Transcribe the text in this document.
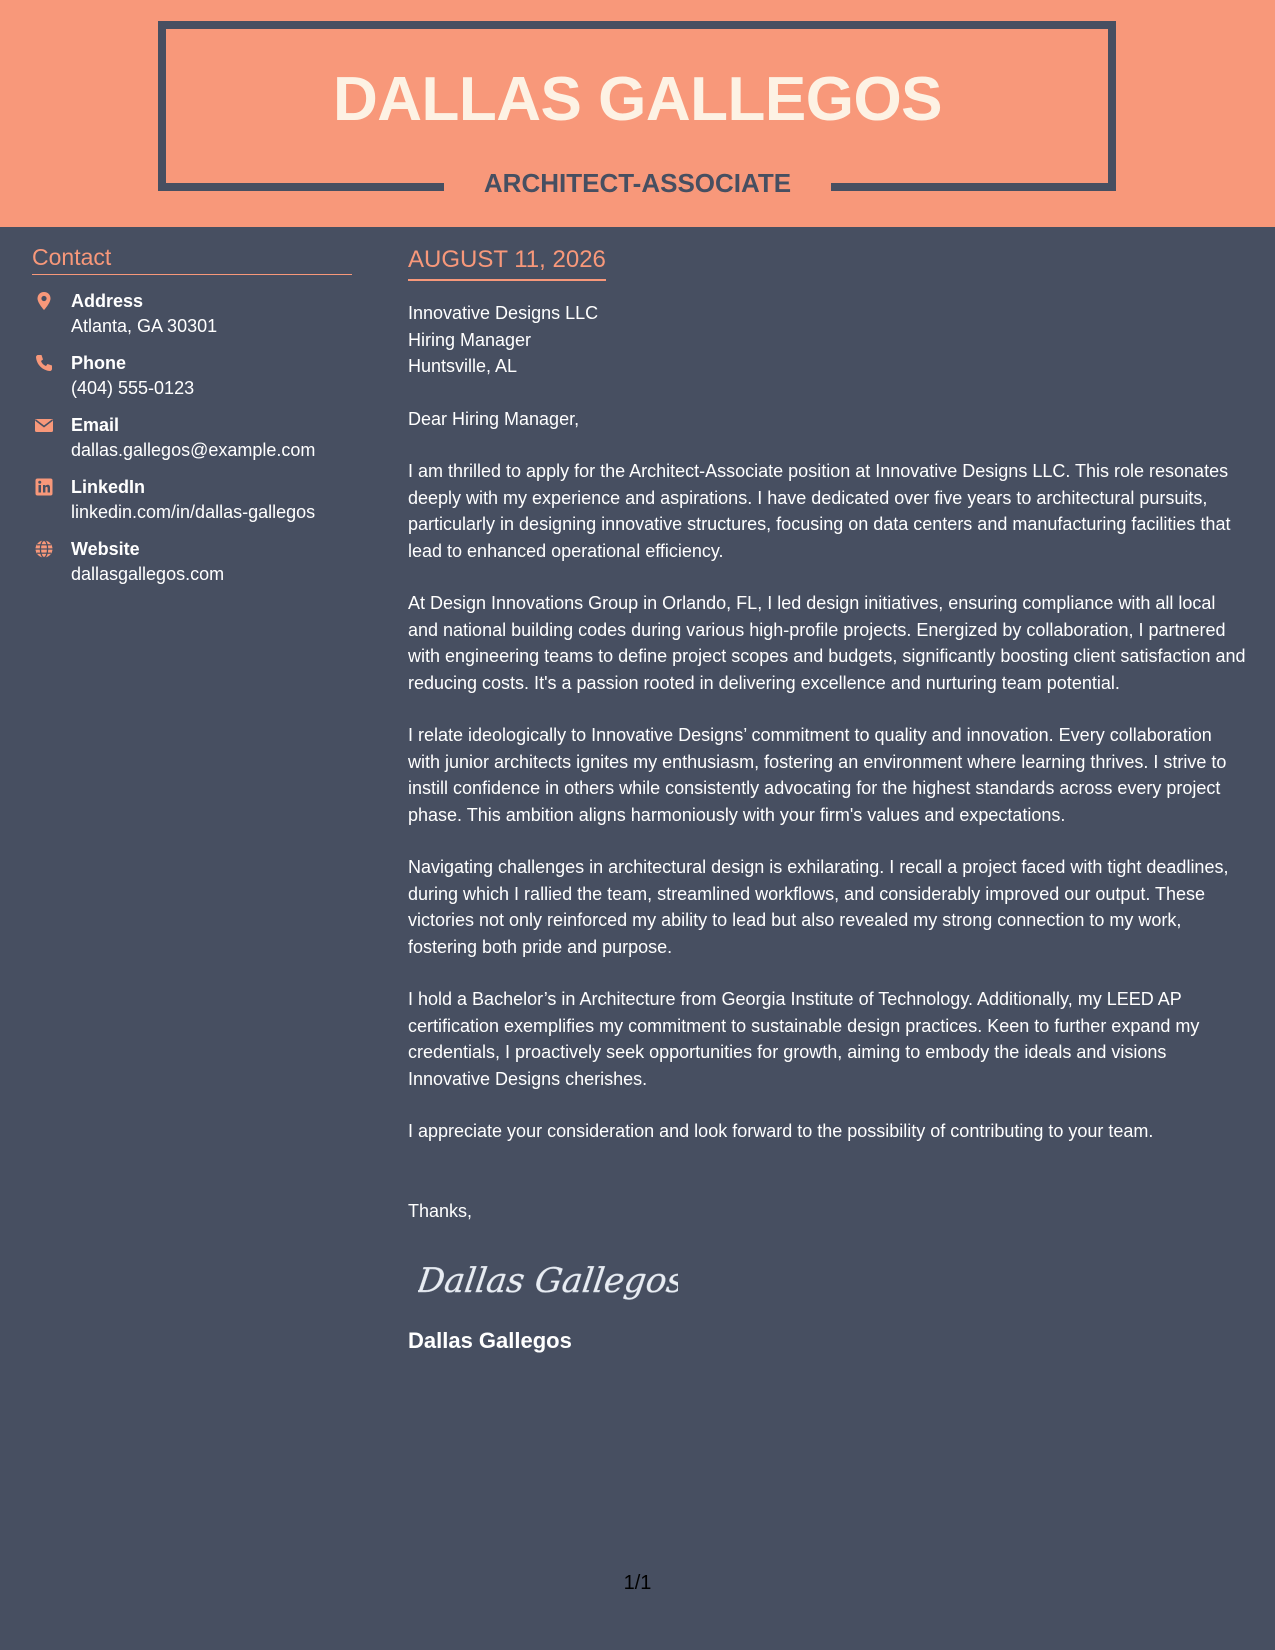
DALLAS GALLEGOS
ARCHITECT-ASSOCIATE
Contact
Address
Atlanta, GA 30301
Phone
(404) 555-0123
Email
dallas.gallegos@example.com
LinkedIn
linkedin.com/in/dallas-gallegos
Website
dallasgallegos.com
AUGUST 11, 2026
Innovative Designs LLC
Hiring Manager
Huntsville, AL
Dear Hiring Manager,
I am thrilled to apply for the Architect-Associate position at Innovative Designs LLC. This role resonates deeply with my experience and aspirations. I have dedicated over five years to architectural pursuits, particularly in designing innovative structures, focusing on data centers and manufacturing facilities that lead to enhanced operational efficiency.
At Design Innovations Group in Orlando, FL, I led design initiatives, ensuring compliance with all local and national building codes during various high-profile projects. Energized by collaboration, I partnered with engineering teams to define project scopes and budgets, significantly boosting client satisfaction and reducing costs. It's a passion rooted in delivering excellence and nurturing team potential.
I relate ideologically to Innovative Designs’ commitment to quality and innovation. Every collaboration with junior architects ignites my enthusiasm, fostering an environment where learning thrives. I strive to instill confidence in others while consistently advocating for the highest standards across every project phase. This ambition aligns harmoniously with your firm's values and expectations.
Navigating challenges in architectural design is exhilarating. I recall a project faced with tight deadlines, during which I rallied the team, streamlined workflows, and considerably improved our output. These victories not only reinforced my ability to lead but also revealed my strong connection to my work, fostering both pride and purpose.
I hold a Bachelor’s in Architecture from Georgia Institute of Technology. Additionally, my LEED AP certification exemplifies my commitment to sustainable design practices. Keen to further expand my credentials, I proactively seek opportunities for growth, aiming to embody the ideals and visions Innovative Designs cherishes.
I appreciate your consideration and look forward to the possibility of contributing to your team.
Thanks,
Dallas Gallegos
Dallas Gallegos
1/1
